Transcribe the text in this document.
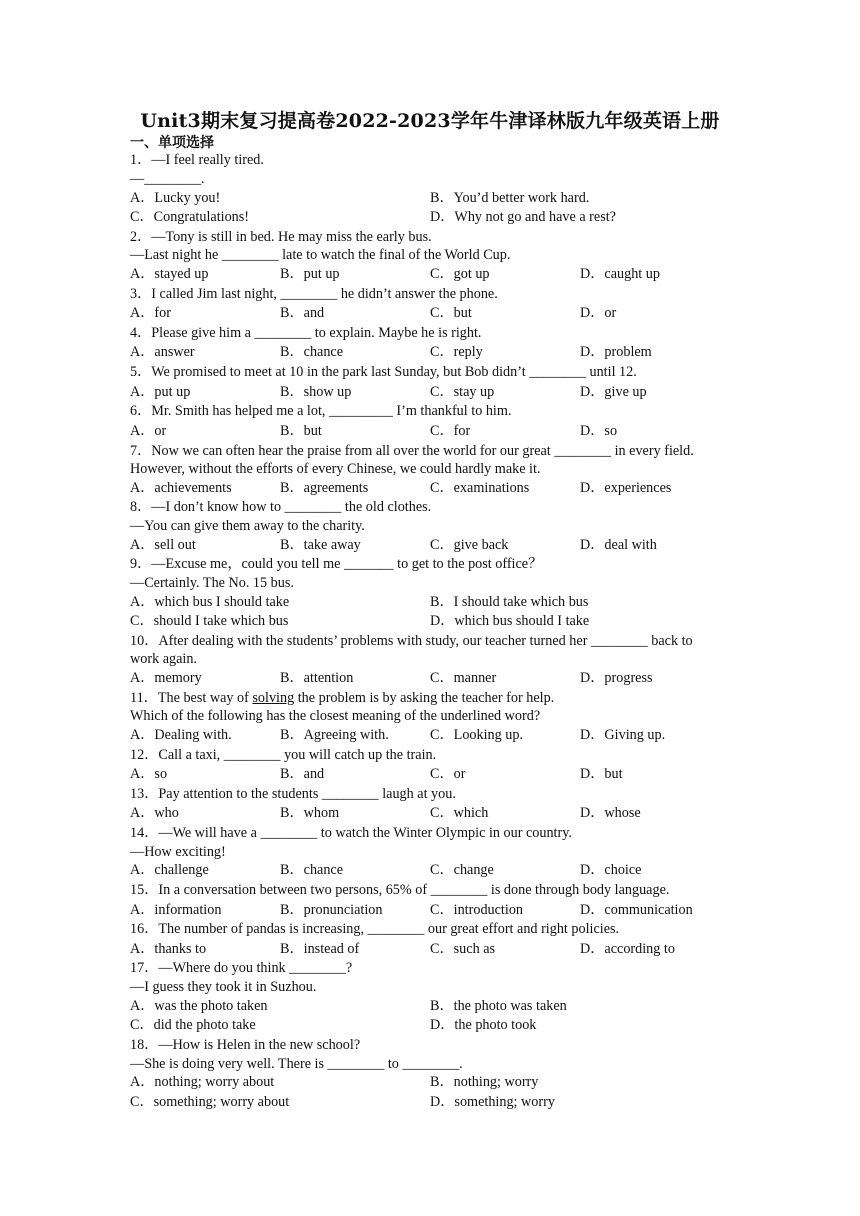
Unit3期末复习提高卷2022-2023学年牛津译林版九年级英语上册
一、单项选择
1．—I feel really tired.
—________.
A．Lucky you!	B．You’d better work hard.
C．Congratulations!	D．Why not go and have a rest?
2．—Tony is still in bed. He may miss the early bus.
—Last night he ________ late to watch the final of the World Cup.
A．stayed up	B．put up	C．got up	D．caught up
3．I called Jim last night, ________ he didn’t answer the phone.
A．for	B．and	C．but	D．or
4．Please give him a ________ to explain. Maybe he is right.
A．answer	B．chance	C．reply	D．problem
5．We promised to meet at 10 in the park last Sunday, but Bob didn’t ________ until 12.
A．put up	B．show up	C．stay up	D．give up
6．Mr. Smith has helped me a lot, _________ I’m thankful to him.
A．or	B．but	C．for	D．so
7．Now we can often hear the praise from all over the world for our great ________ in every field.
However, without the efforts of every Chinese, we could hardly make it.
A．achievements	B．agreements	C．examinations	D．experiences
8．—I don’t know how to ________ the old clothes.
—You can give them away to the charity.
A．sell out	B．take away	C．give back	D．deal with
9．—Excuse me，could you tell me _______ to get to the post office？
—Certainly. The No. 15 bus.
A．which bus I should take	B．I should take which bus
C．should I take which bus	D．which bus should I take
10．After dealing with the students’ problems with study, our teacher turned her ________ back to
work again.
A．memory	B．attention	C．manner	D．progress
11．The best way of solving the problem is by asking the teacher for help.
Which of the following has the closest meaning of the underlined word?
A．Dealing with.	B．Agreeing with.	C．Looking up.	D．Giving up.
12．Call a taxi, ________ you will catch up the train.
A．so	B．and	C．or	D．but
13．Pay attention to the students ________ laugh at you.
A．who	B．whom	C．which	D．whose
14．—We will have a ________ to watch the Winter Olympic in our country.
—How exciting!
A．challenge	B．chance	C．change	D．choice
15．In a conversation between two persons, 65% of ________ is done through body language.
A．information	B．pronunciation	C．introduction	D．communication
16．The number of pandas is increasing, ________ our great effort and right policies.
A．thanks to	B．instead of	C．such as	D．according to
17．—Where do you think ________?
—I guess they took it in Suzhou.
A．was the photo taken	B．the photo was taken
C．did the photo take	D．the photo took
18．—How is Helen in the new school?
—She is doing very well. There is ________ to ________.
A．nothing; worry about	B．nothing; worry
C．something; worry about	D．something; worry
